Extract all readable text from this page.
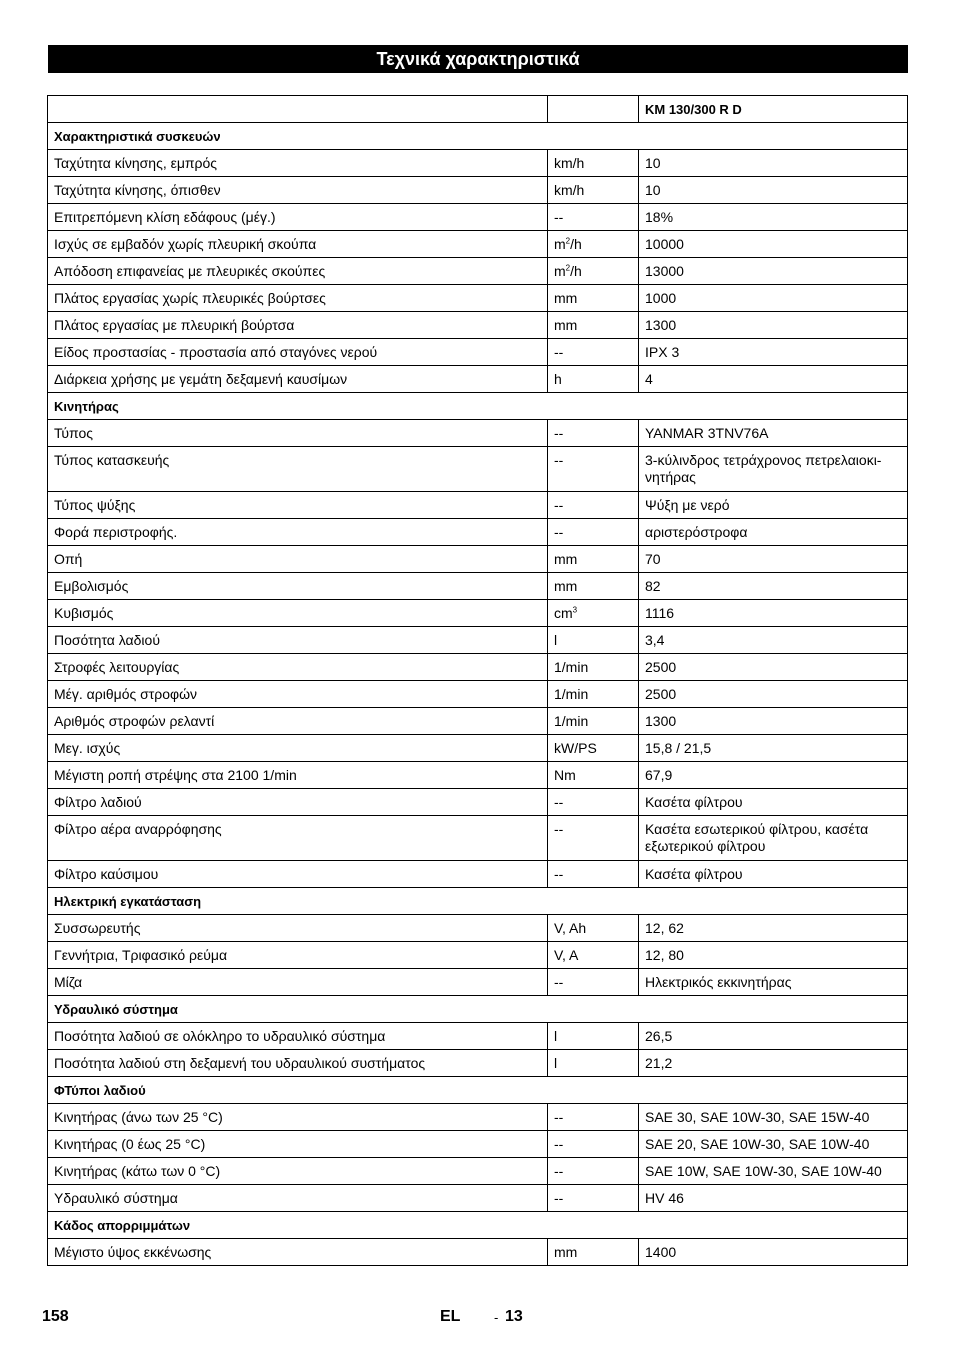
Τεχνικά χαρακτηριστικά
		KM 130/300 R D
Χαρακτηριστικά συσκευών		
Ταχύτητα κίνησης, εμπρός	km/h	10
Ταχύτητα κίνησης, όπισθεν	km/h	10
Επιτρεπόμενη κλίση εδάφους (μέγ.)	--	18%
Ισχύς σε εμβαδόν χωρίς πλευρική σκούπα	$m^2/h$	10000
Απόδοση επιφανείας με πλευρικές σκούπες	$m^2/h$	13000
Πλάτος εργασίας χωρίς πλευρικές βούρτσες	mm	1000
Πλάτος εργασίας με πλευρική βούρτσα	mm	1300
Είδος προστασίας - προστασία από σταγόνες νερού	--	IPX 3
Διάρκεια χρήσης με γεμάτη δεξαμενή καυσίμων	h	4
Κινητήρας		
Τύπος	--	YANMAR 3TNV76A
Τύπος κατασκευής	--	3-κύλινδρος τετράχρονος πετρελαιοκι-
νητήρας
Τύπος ψύξης	--	Ψύξη με νερό
Φορά περιστροφής.	--	αριστερόστροφα
Οπή	mm	70
Εμβολισμός	mm	82
Κυβισμός	$cm^3$	1116
Ποσότητα λαδιού	l	3,4
Στροφές λειτουργίας	1/min	2500
Μέγ. αριθμός στροφών	1/min	2500
Αριθμός στροφών ρελαντί	1/min	1300
Μεγ. ισχύς	kW/PS	15,8 / 21,5
Μέγιστη ροπή στρέψης στα 2100 1/min	Nm	67,9
Φίλτρο λαδιού	--	Κασέτα φίλτρου
Φίλτρο αέρα αναρρόφησης	--	Κασέτα εσωτερικού φίλτρου, κασέτα εξωτερικού φίλτρου
Φίλτρο καύσιμου	--	Κασέτα φίλτρου
Ηλεκτρική εγκατάσταση		
Συσσωρευτής	V, Ah	12, 62
Γεννήτρια, Τριφασικό ρεύμα	V, A	12, 80
Μίζα	--	Ηλεκτρικός εκκινητήρας
Υδραυλικό σύστημα		
Ποσότητα λαδιού σε ολόκληρο το υδραυλικό σύστημα	l	26,5
Ποσότητα λαδιού στη δεξαμενή του υδραυλικού συστήματος	l	21,2
ΦΤύποι λαδιού		
Κινητήρας (άνω των 25 °C)	--	SAE 30, SAE 10W-30, SAE 15W-40
Κινητήρας (0 έως 25 °C)	--	SAE 20, SAE 10W-30, SAE 10W-40
Κινητήρας (κάτω των 0 °C)	--	SAE 10W, SAE 10W-30, SAE 10W-40
Υδραυλικό σύστημα	--	HV 46
Κάδος απορριμμάτων		
Μέγιστο ύψος εκκένωσης	mm	1400
158	EL	- 13
